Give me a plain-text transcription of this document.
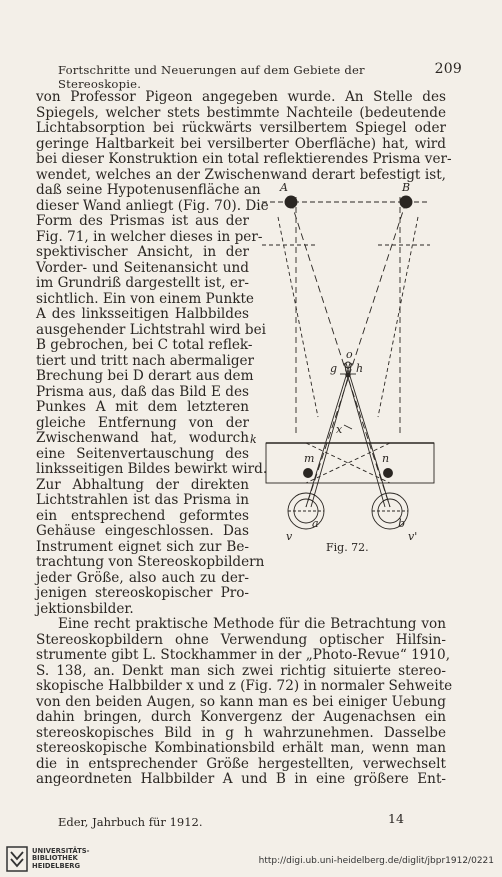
Fortschritte und Neuerungen auf dem Gebiete der Stereoskopie.
209
von Professor Pigeon angegeben wurde. An Stelle des
Spiegels, welcher stets bestimmte Nachteile (bedeutende
Lichtabsorption bei rückwärts versilbertem Spiegel oder
geringe Haltbarkeit bei versilberter Oberfläche) hat, wird
bei dieser Konstruktion ein total reflektierendes Prisma ver-
wendet, welches an der Zwischenwand derart befestigt ist,
daß seine Hypotenusenfläche an
dieser Wand anliegt (Fig. 70). Die
Form des Prismas ist aus der
Fig. 71, in welcher dieses in per-
spektivischer Ansicht, in der
Vorder- und Seitenansicht und
im Grundriß dargestellt ist, er-
sichtlich. Ein von einem Punkte
A des linksseitigen Halbbildes
ausgehender Lichtstrahl wird bei
B gebrochen, bei C total reflek-
tiert und tritt nach abermaliger
Brechung bei D derart aus dem
Prisma aus, daß das Bild E des
Punkes A mit dem letzteren
gleiche Entfernung von der
Zwischenwand hat, wodurch
eine Seitenvertauschung des
linksseitigen Bildes bewirkt wird.
Zur Abhaltung der direkten
Lichtstrahlen ist das Prisma in
ein entsprechend geformtes
Gehäuse eingeschlossen. Das
Instrument eignet sich zur Be-
trachtung von Stereoskopbildern
jeder Größe, also auch zu der-
jenigen stereoskopischer Pro-
jektionsbilder.
Eine recht praktische Methode für die Betrachtung von
Stereoskopbildern ohne Verwendung optischer Hilfsin-
strumente gibt L. Stockhammer in der „Photo-Revue“ 1910,
S. 138, an. Denkt man sich zwei richtig situierte stereo-
skopische Halbbilder x und z (Fig. 72) in normaler Sehweite
von den beiden Augen, so kann man es bei einiger Uebung
dahin bringen, durch Konvergenz der Augenachsen ein
stereoskopisches Bild in g h wahrzunehmen. Dasselbe
stereoskopische Kombinationsbild erhält man, wenn man
die in entsprechender Größe hergestellten, verwechselt
angeordneten Halbbilder A und B in eine größere Ent-
A	B
g h
o
x
k
m	n
v	v'
a	b
Fig. 72.
Eder, Jahrbuch für 1912.	14
UNIVERSITÄTS-
BIBLIOTHEK
HEIDELBERG	http://digi.ub.uni-heidelberg.de/diglit/jbpr1912/0221
